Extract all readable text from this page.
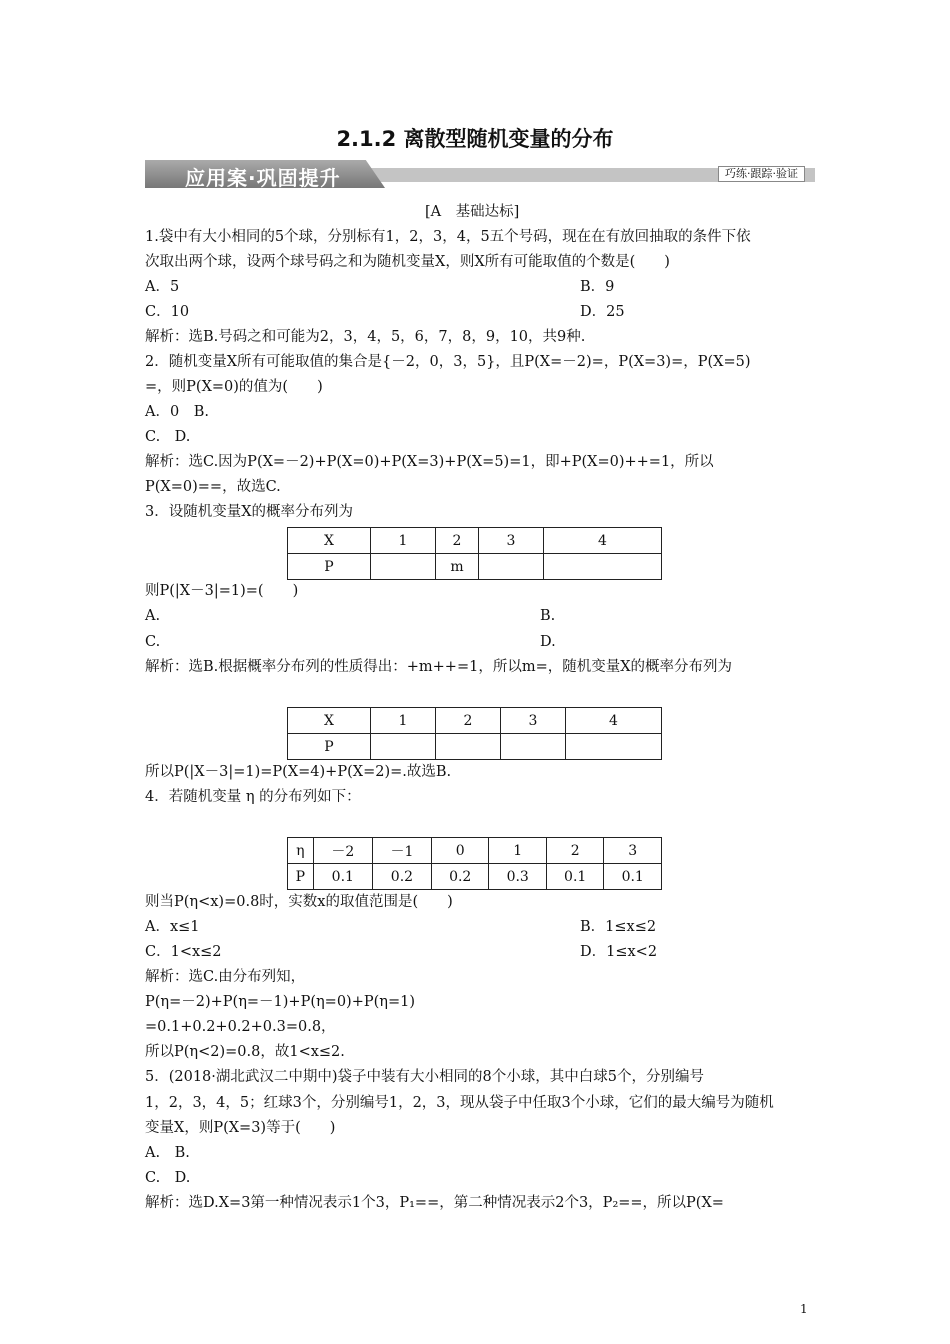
2.1.2 离散型随机变量的分布
应用案·巩固提升	巧练·跟踪·验证
[A　基础达标]
1.袋中有大小相同的5个球，分别标有1，2，3，4，5五个号码，现在在有放回抽取的条件下依
次取出两个球，设两个球号码之和为随机变量X，则X所有可能取值的个数是(　　)
A．5	B．9
C．10	D．25
解析：选B.号码之和可能为2，3，4，5，6，7，8，9，10，共9种.
2．随机变量X所有可能取值的集合是{－2，0，3，5}，且P(X=－2)=，P(X=3)=，P(X=5)
=，则P(X=0)的值为(　　)
A．0　B.
C.　D.
解析：选C.因为P(X=－2)+P(X=0)+P(X=3)+P(X=5)=1，即+P(X=0)++=1，所以
P(X=0)==，故选C.
3．设随机变量X的概率分布列为
X	1	2	3	4
P		m		
则P(|X－3|=1)=(　　)
A.	B.
C.	D.
解析：选B.根据概率分布列的性质得出：+m++=1，所以m=，随机变量X的概率分布列为
X	1	2	3	4
P				
所以P(|X－3|=1)=P(X=4)+P(X=2)=.故选B.
4．若随机变量 η 的分布列如下：
η	－2	－1	0	1	2	3
P	0.1	0.2	0.2	0.3	0.1	0.1
则当P(η<x)=0.8时，实数x的取值范围是(　　)
A．x≤1	B．1≤x≤2
C．1<x≤2	D．1≤x<2
解析：选C.由分布列知，
P(η=－2)+P(η=－1)+P(η=0)+P(η=1)
=0.1+0.2+0.2+0.3=0.8，
所以P(η<2)=0.8，故1<x≤2.
5．(2018·湖北武汉二中期中)袋子中装有大小相同的8个小球，其中白球5个，分别编号
1，2，3，4，5；红球3个，分别编号1，2，3，现从袋子中任取3个小球，它们的最大编号为随机
变量X，则P(X=3)等于(　　)
A.　B.
C.　D.
解析：选D.X=3第一种情况表示1个3，P₁==，第二种情况表示2个3，P₂==，所以P(X=
1
